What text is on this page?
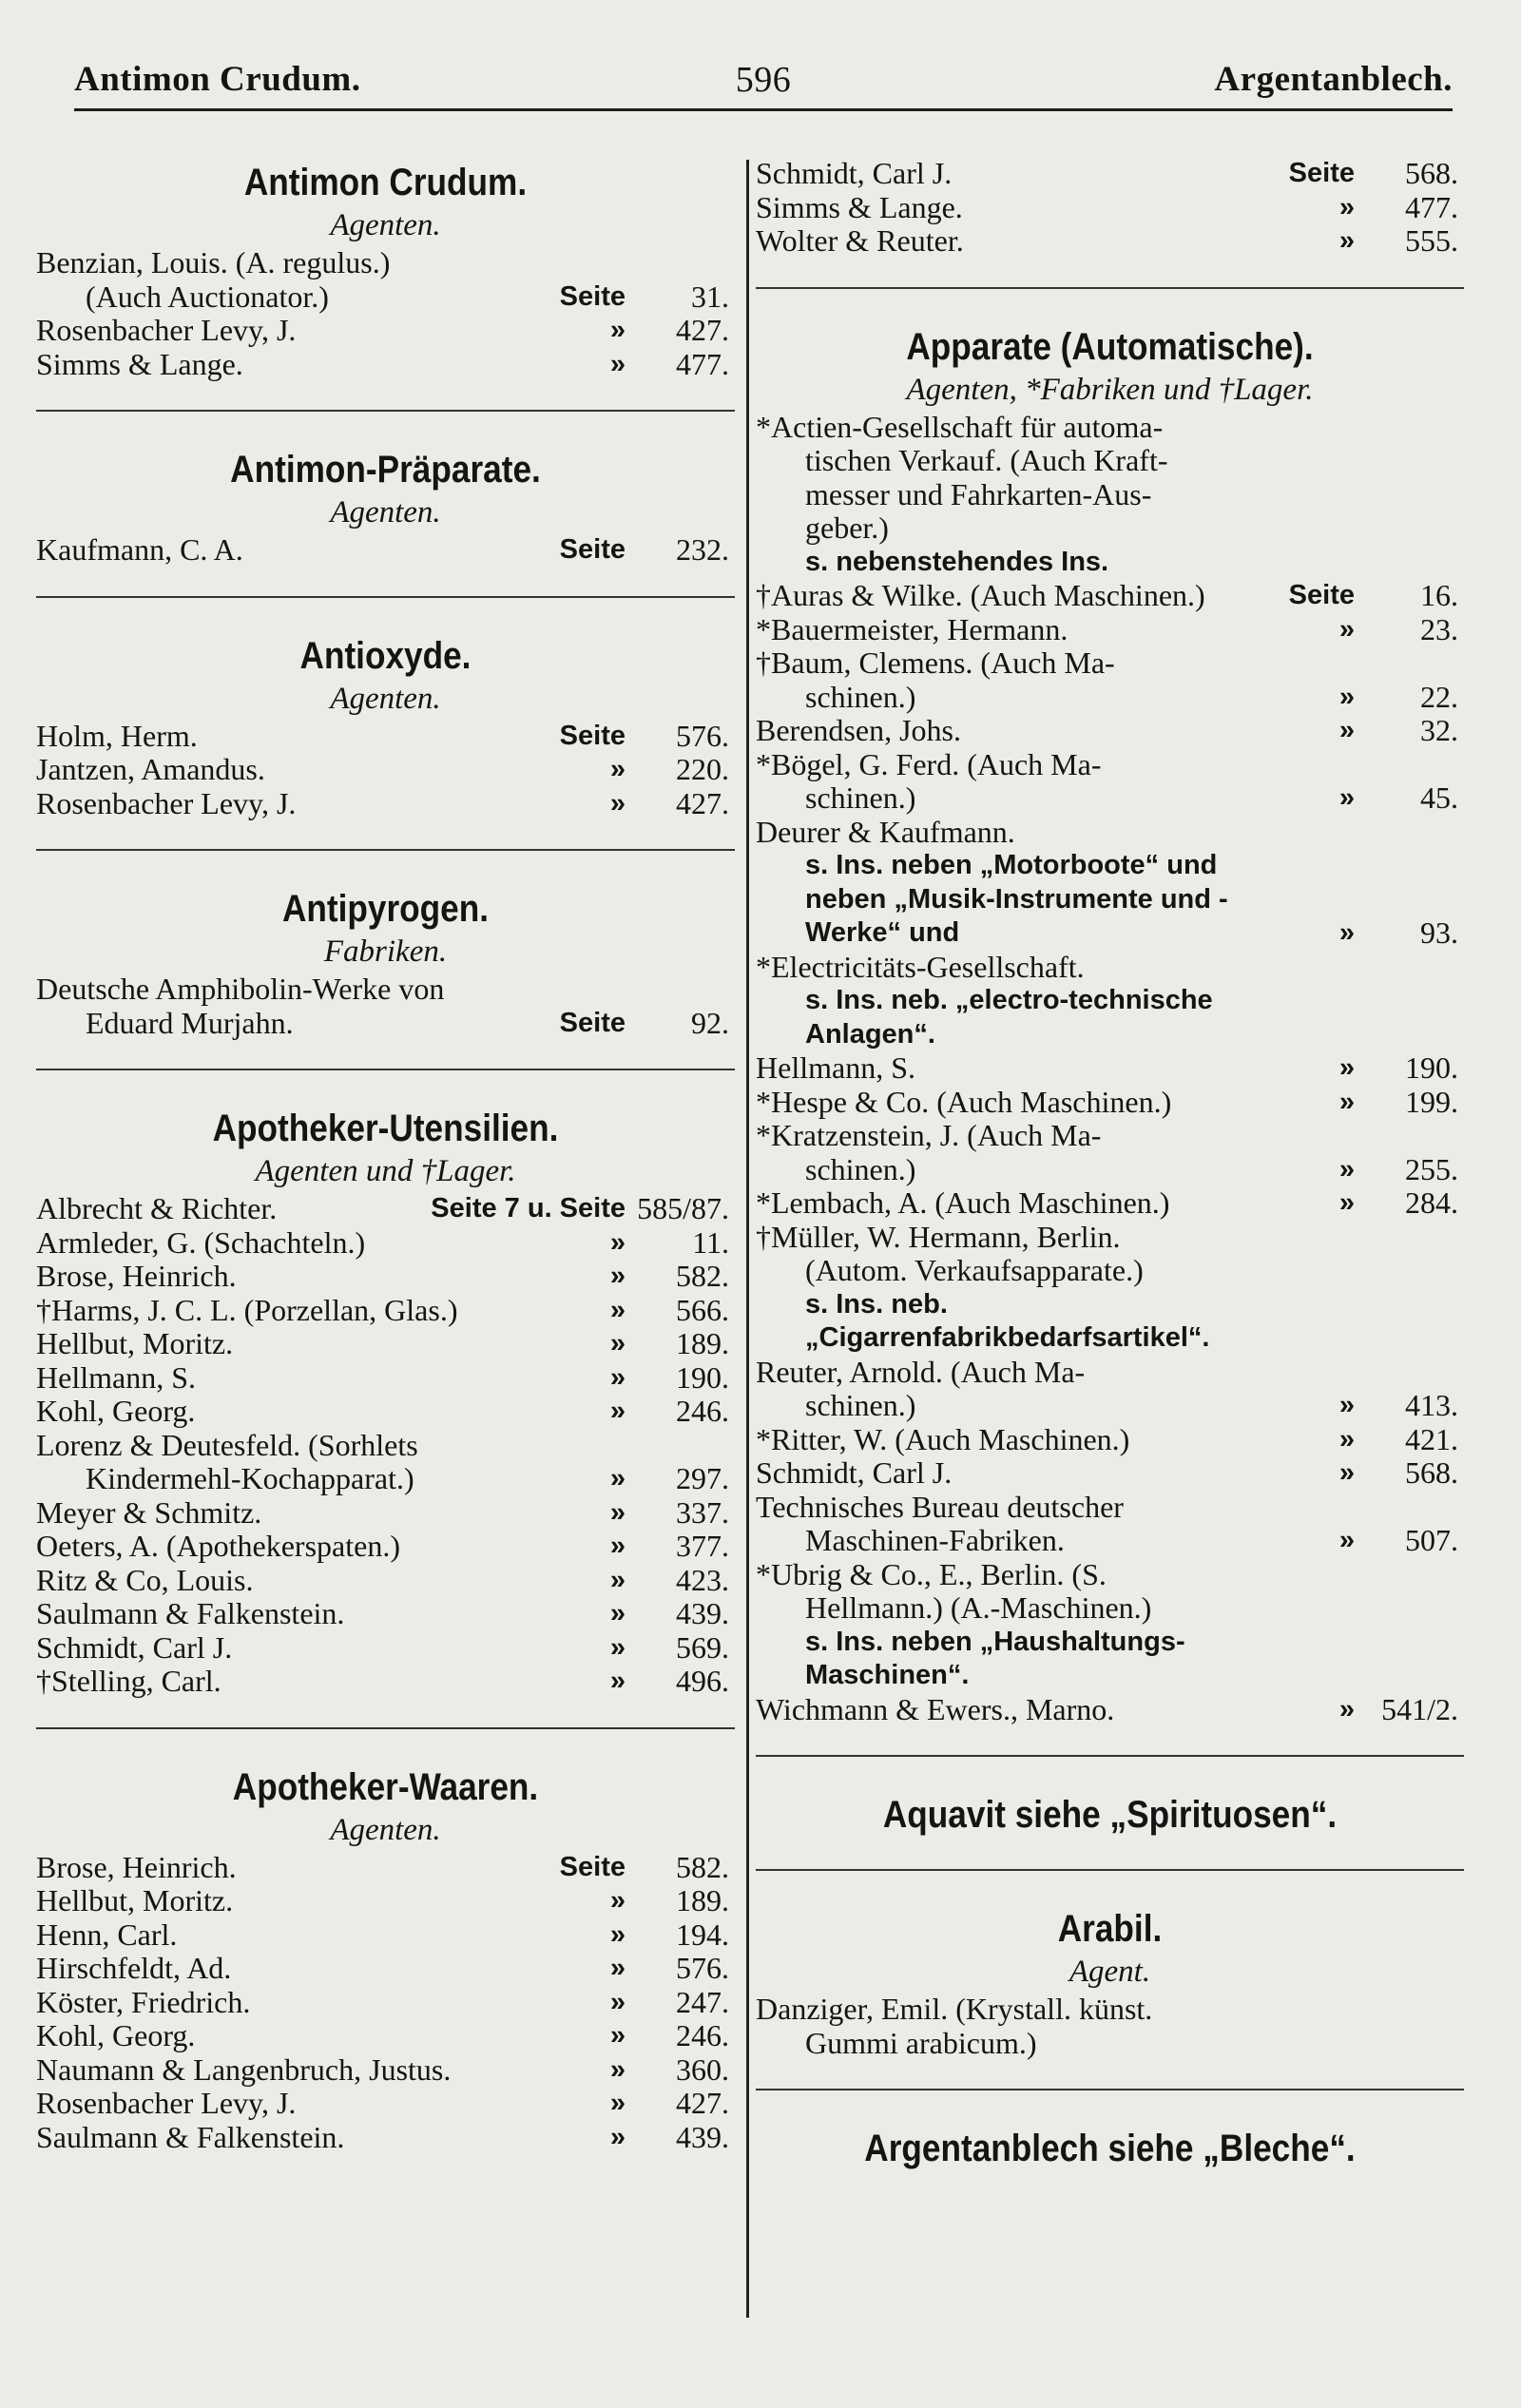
Antimon Crudum.	596	Argentanblech.
Antimon Crudum.
Agenten.
Benzian, Louis. (A. regulus.)
(Auch Auctionator.)	Seite 31.
Rosenbacher Levy, J.	» 427.
Simms & Lange.	» 477.
Antimon-Präparate.
Agenten.
Kaufmann, C. A.	Seite 232.
Antioxyde.
Agenten.
Holm, Herm.	Seite 576.
Jantzen, Amandus.	» 220.
Rosenbacher Levy, J.	» 427.
Antipyrogen.
Fabriken.
Deutsche Amphibolin-Werke von
Eduard Murjahn.	Seite 92.
Apotheker-Utensilien.
Agenten und †Lager.
Albrecht & Richter.	Seite 7 u. Seite 585/87.
Armleder, G. (Schachteln.)	» 11.
Brose, Heinrich.	» 582.
†Harms, J. C. L. (Porzellan, Glas.)	» 566.
Hellbut, Moritz.	» 189.
Hellmann, S.	» 190.
Kohl, Georg.	» 246.
Lorenz & Deutesfeld. (Sorhlets
Kindermehl-Kochapparat.)	» 297.
Meyer & Schmitz.	» 337.
Oeters, A. (Apothekerspaten.)	» 377.
Ritz & Co, Louis.	» 423.
Saulmann & Falkenstein.	» 439.
Schmidt, Carl J.	» 569.
†Stelling, Carl.	» 496.
Apotheker-Waaren.
Agenten.
Brose, Heinrich.	Seite 582.
Hellbut, Moritz.	» 189.
Henn, Carl.	» 194.
Hirschfeldt, Ad.	» 576.
Köster, Friedrich.	» 247.
Kohl, Georg.	» 246.
Naumann & Langenbruch, Justus.	» 360.
Rosenbacher Levy, J.	» 427.
Saulmann & Falkenstein.	» 439.
Schmidt, Carl J.	Seite 568.
Simms & Lange.	» 477.
Wolter & Reuter.	» 555.
Apparate (Automatische).
Agenten, *Fabriken und †Lager.
*Actien-Gesellschaft für automa-
tischen Verkauf. (Auch Kraft-
messer und Fahrkarten-Aus-
geber.)
s. nebenstehendes Ins.
†Auras & Wilke. (Auch Maschinen.)	Seite 16.
*Bauermeister, Hermann.	» 23.
†Baum, Clemens. (Auch Ma-
schinen.)	» 22.
Berendsen, Johs.	» 32.
*Bögel, G. Ferd. (Auch Ma-
schinen.)	» 45.
Deurer & Kaufmann.
s. Ins. neben „Motorboote“ und neben „Musik-Instrumente und -Werke“ und	» 93.
*Electricitäts-Gesellschaft.
s. Ins. neb. „electro-technische Anlagen“.
Hellmann, S.	» 190.
*Hespe & Co. (Auch Maschinen.)	» 199.
*Kratzenstein, J. (Auch Ma-
schinen.)	» 255.
*Lembach, A. (Auch Maschinen.)	» 284.
†Müller, W. Hermann, Berlin.
(Autom. Verkaufsapparate.)
s. Ins. neb. „Cigarrenfabrikbedarfsartikel“.
Reuter, Arnold. (Auch Ma-
schinen.)	» 413.
*Ritter, W. (Auch Maschinen.)	» 421.
Schmidt, Carl J.	» 568.
Technisches Bureau deutscher
Maschinen-Fabriken.	» 507.
*Ubrig & Co., E., Berlin. (S.
Hellmann.) (A.-Maschinen.)
s. Ins. neben „Haushaltungs-Maschinen“.
Wichmann & Ewers., Marno.	» 541/2.
Aquavit siehe „Spirituosen“.
Arabil.
Agent.
Danziger, Emil. (Krystall. künst.
Gummi arabicum.)
Argentanblech siehe „Bleche“.
